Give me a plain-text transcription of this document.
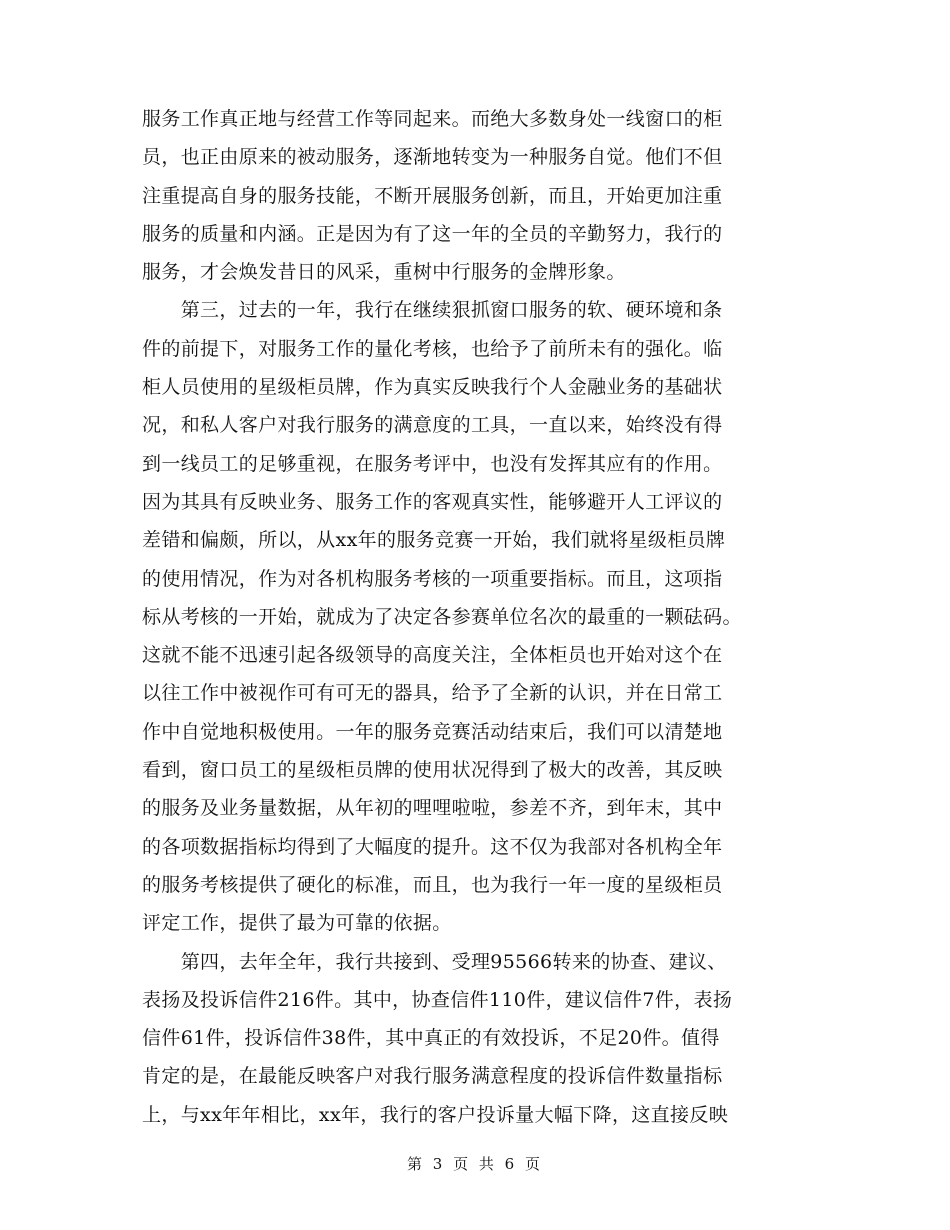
服务工作真正地与经营工作等同起来。而绝大多数身处一线窗口的柜
员，也正由原来的被动服务，逐渐地转变为一种服务自觉。他们不但
注重提高自身的服务技能，不断开展服务创新，而且，开始更加注重
服务的质量和内涵。正是因为有了这一年的全员的辛勤努力，我行的
服务，才会焕发昔日的风采，重树中行服务的金牌形象。
　　第三，过去的一年，我行在继续狠抓窗口服务的软、硬环境和条
件的前提下，对服务工作的量化考核，也给予了前所未有的强化。临
柜人员使用的星级柜员牌，作为真实反映我行个人金融业务的基础状
况，和私人客户对我行服务的满意度的工具，一直以来，始终没有得
到一线员工的足够重视，在服务考评中，也没有发挥其应有的作用。
因为其具有反映业务、服务工作的客观真实性，能够避开人工评议的
差错和偏颇，所以，从xx年的服务竞赛一开始，我们就将星级柜员牌
的使用情况，作为对各机构服务考核的一项重要指标。而且，这项指
标从考核的一开始，就成为了决定各参赛单位名次的最重的一颗砝码。
这就不能不迅速引起各级领导的高度关注，全体柜员也开始对这个在
以往工作中被视作可有可无的器具，给予了全新的认识，并在日常工
作中自觉地积极使用。一年的服务竞赛活动结束后，我们可以清楚地
看到，窗口员工的星级柜员牌的使用状况得到了极大的改善，其反映
的服务及业务量数据，从年初的哩哩啦啦，参差不齐，到年末，其中
的各项数据指标均得到了大幅度的提升。这不仅为我部对各机构全年
的服务考核提供了硬化的标准，而且，也为我行一年一度的星级柜员
评定工作，提供了最为可靠的依据。
　　第四，去年全年，我行共接到、受理95566转来的协查、建议、
表扬及投诉信件216件。其中，协查信件110件，建议信件7件，表扬
信件61件，投诉信件38件，其中真正的有效投诉，不足20件。值得
肯定的是，在最能反映客户对我行服务满意程度的投诉信件数量指标
上，与xx年年相比，xx年，我行的客户投诉量大幅下降，这直接反映
第 3 页 共 6 页
